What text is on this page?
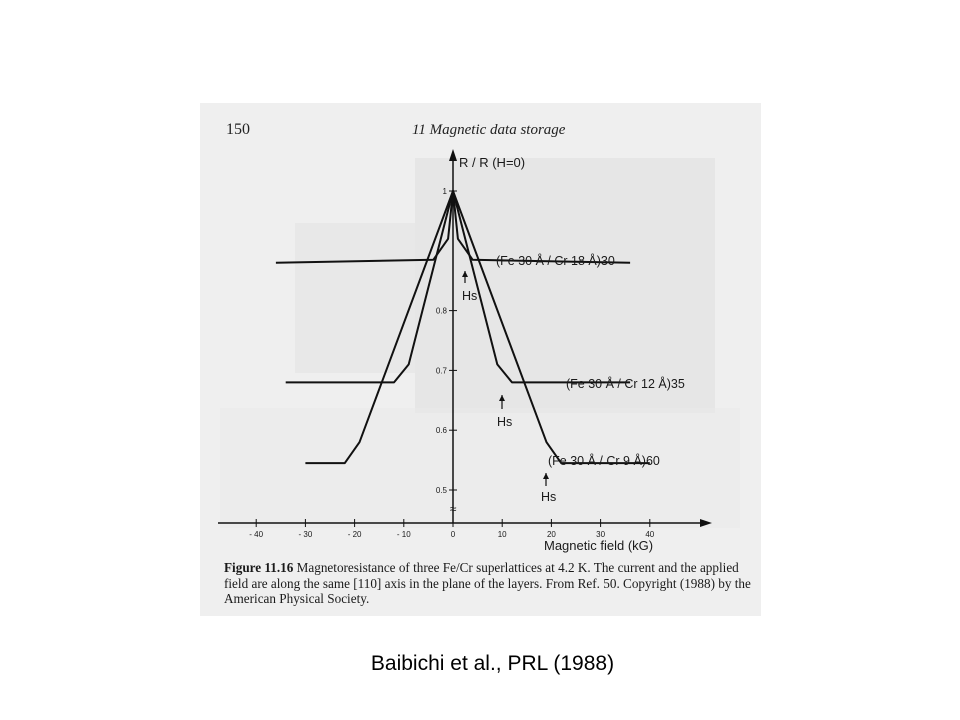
R / R (H=0)
Magnetic field (kG)
- 40	- 30	- 20	- 10	0	10	20	30	40
1
0.8
0.7
0.6
0.5
≈
(Fe 30 Å / Cr 18 Å)30
Hs
(Fe 30 Å / Cr 12 Å)35
Hs
(Fe 30 Å / Cr 9 Å)60
Hs
150	11 Magnetic data storage
Figure 11.16 Magnetoresistance of three Fe/Cr superlattices at 4.2 K. The current and the applied field are along the same [110] axis in the plane of the layers. From Ref. 50. Copyright (1988) by the American Physical Society.
Baibichi et al., PRL (1988)
